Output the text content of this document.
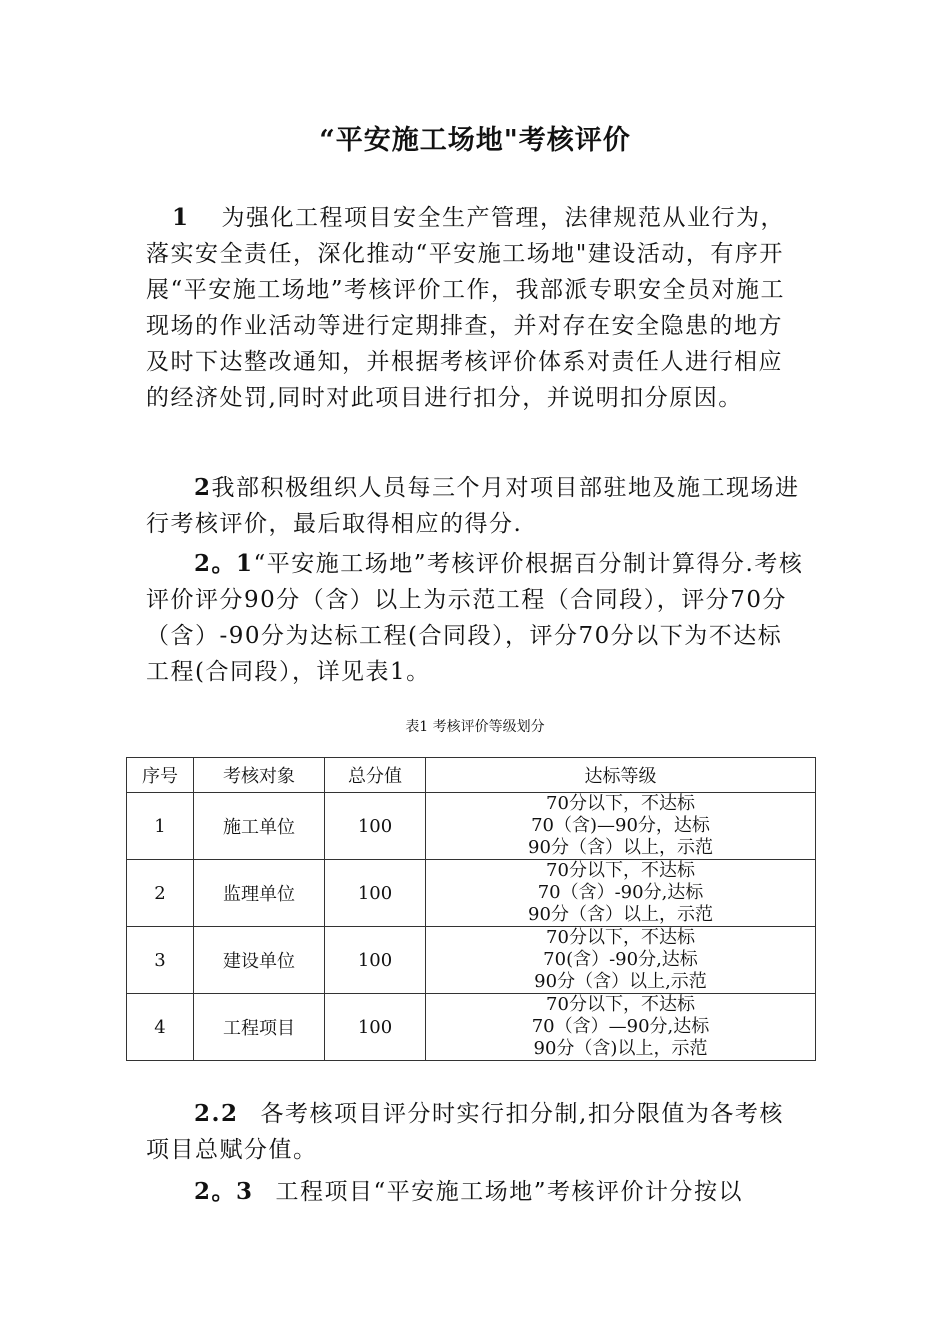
“平安施工场地"考核评价

1 为强化工程项目安全生产管理，法律规范从业行为，落实安全责任，深化推动“平安施工场地"建设活动，有序开展“平安施工场地”考核评价工作，我部派专职安全员对施工现场的作业活动等进行定期排查，并对存在安全隐患的地方及时下达整改通知，并根据考核评价体系对责任人进行相应的经济处罚,同时对此项目进行扣分，并说明扣分原因。

2我部积极组织人员每三个月对项目部驻地及施工现场进行考核评价，最后取得相应的得分.

2。1“平安施工场地”考核评价根据百分制计算得分.考核评价评分90分（含）以上为示范工程（合同段），评分70分（含）-90分为达标工程(合同段），评分70分以下为不达标工程(合同段），详见表1。

表1 考核评价等级划分
序号	考核对象	总分值	达标等级
1	施工单位	100	70分以下，不达标
70（含)—90分，达标
90分（含）以上，示范

2	监理单位	100	70分以下，不达标
70（含）-90分,达标
90分（含）以上，示范

3	建设单位	100	70分以下，不达标
70(含）-90分,达标
90分（含）以上,示范

4	工程项目	100	70分以下，不达标
70（含）—90分,达标
90分（含)以上，示范

2.2 各考核项目评分时实行扣分制,扣分限值为各考核项目总赋分值。

2。3 工程项目“平安施工场地”考核评价计分按以
